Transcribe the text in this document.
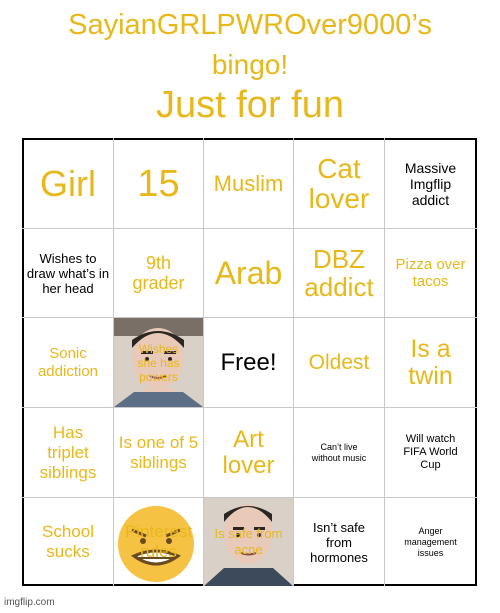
SayianGRLPWROver9000’s
bingo!
Just for fun
Girl 15 Muslim	Cat lover
Massive Imgflip addict
Wishes to draw what’s in her head
9th grader Arab	DBZ addict
Pizza over tacos
Sonic addiction
Wishes she has powers
Free! Oldest	Is a twin
Has triplet siblings
Is one of 5 siblings
Art lover
Can’t live without music
Will watch FIFA World Cup
School sucks
Pinterest rules
Is safe from acne
Isn’t safe from hormones
Anger management issues
imgflip.com
